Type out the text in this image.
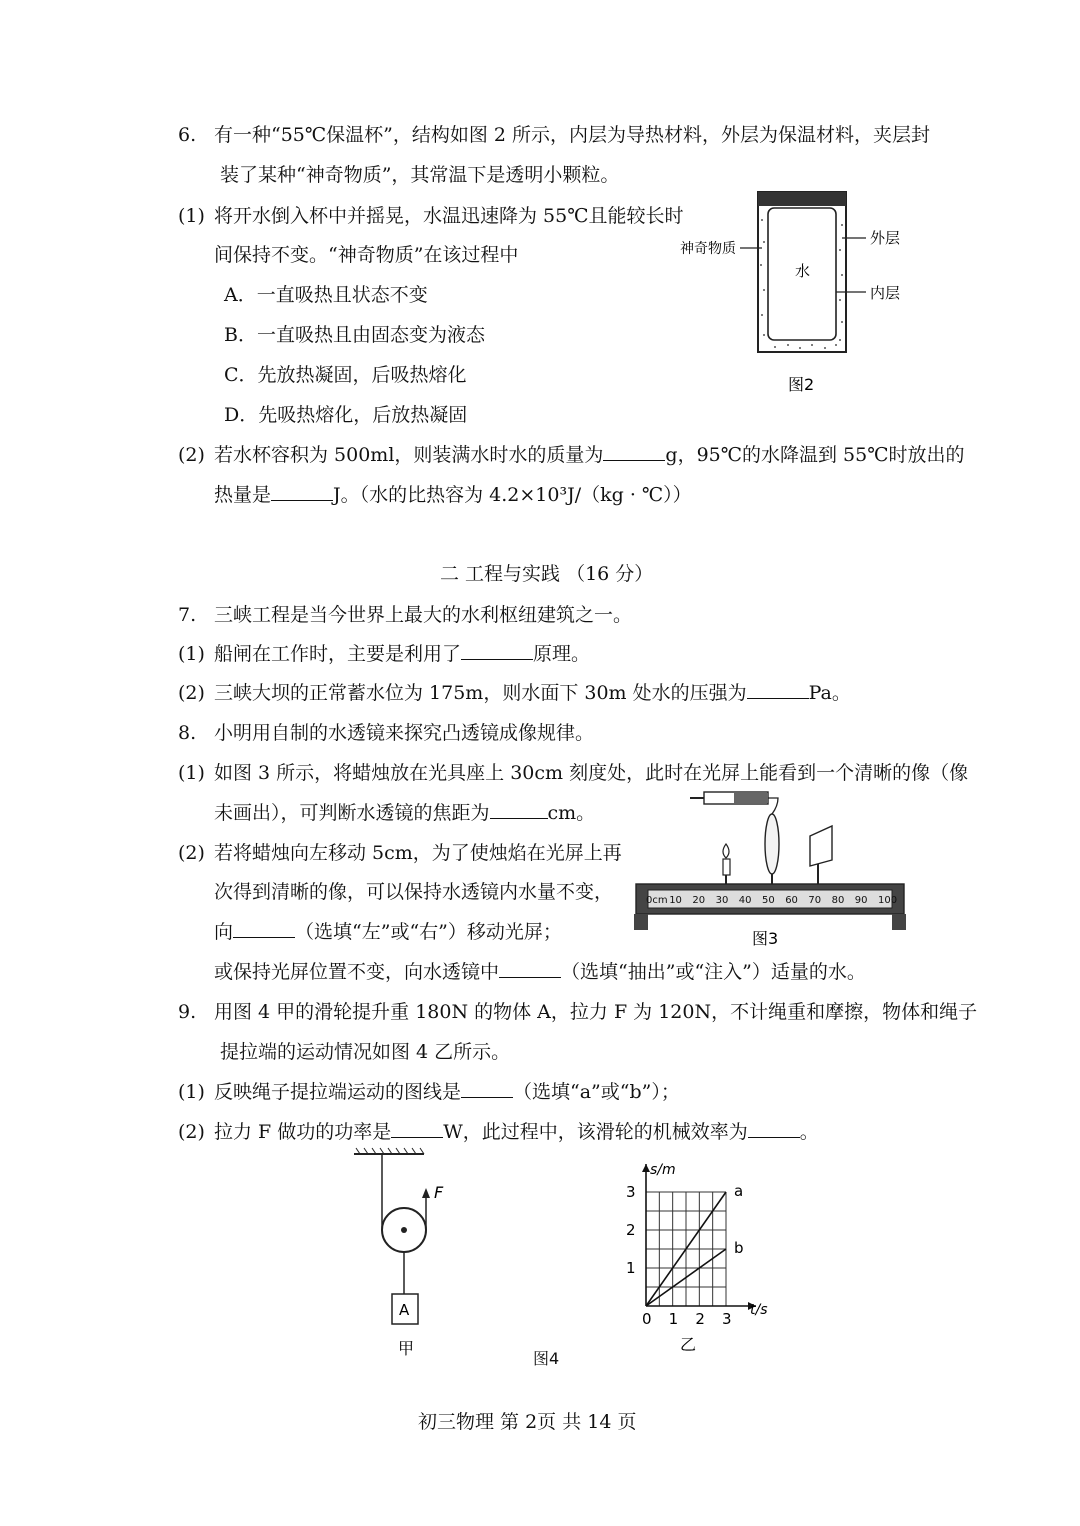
6. 有一种“55℃保温杯”，结构如图 2 所示，内层为导热材料，外层为保温材料，夹层封
装了某种“神奇物质”，其常温下是透明小颗粒。
(1) 将开水倒入杯中并摇晃，水温迅速降为 55℃且能较长时
间保持不变。“神奇物质”在该过程中
A．一直吸热且状态不变
B．一直吸热且由固态变为液态
C．先放热凝固，后吸热熔化
D．先吸热熔化，后放热凝固
(2) 若水杯容积为 500ml，则装满水时水的质量为	g，95℃的水降温到 55℃时放出的
热量是	J。（水的比热容为 4.2×10³J/（kg · ℃））
神奇物质
外层
内层
水
图2
二 工程与实践 （16 分）
7. 三峡工程是当今世界上最大的水利枢纽建筑之一。
(1) 船闸在工作时，主要是利用了	原理。
(2) 三峡大坝的正常蓄水位为 175m，则水面下 30m 处水的压强为	Pa。
8. 小明用自制的水透镜来探究凸透镜成像规律。
(1) 如图 3 所示，将蜡烛放在光具座上 30cm 刻度处，此时在光屏上能看到一个清晰的像（像
未画出），可判断水透镜的焦距为	cm。
(2) 若将蜡烛向左移动 5cm，为了使烛焰在光屏上再
次得到清晰的像，可以保持水透镜内水量不变，
向	（选填“左”或“右”）移动光屏；
或保持光屏位置不变，向水透镜中	（选填“抽出”或“注入”）适量的水。
0cm 10 20 30 40 50 60 70 80 90 100
图3
9. 用图 4 甲的滑轮提升重 180N 的物体 A，拉力 F 为 120N，不计绳重和摩擦，物体和绳子
提拉端的运动情况如图 4 乙所示。
(1) 反映绳子提拉端运动的图线是	（选填“a”或“b”）；
(2) 拉力 F 做功的功率是	W，此过程中，该滑轮的机械效率为	。
F
A
甲
图4
a
b
0 1 2 3
1
2
3
s/m
t/s
乙
初三物理 第 2页 共 14 页
